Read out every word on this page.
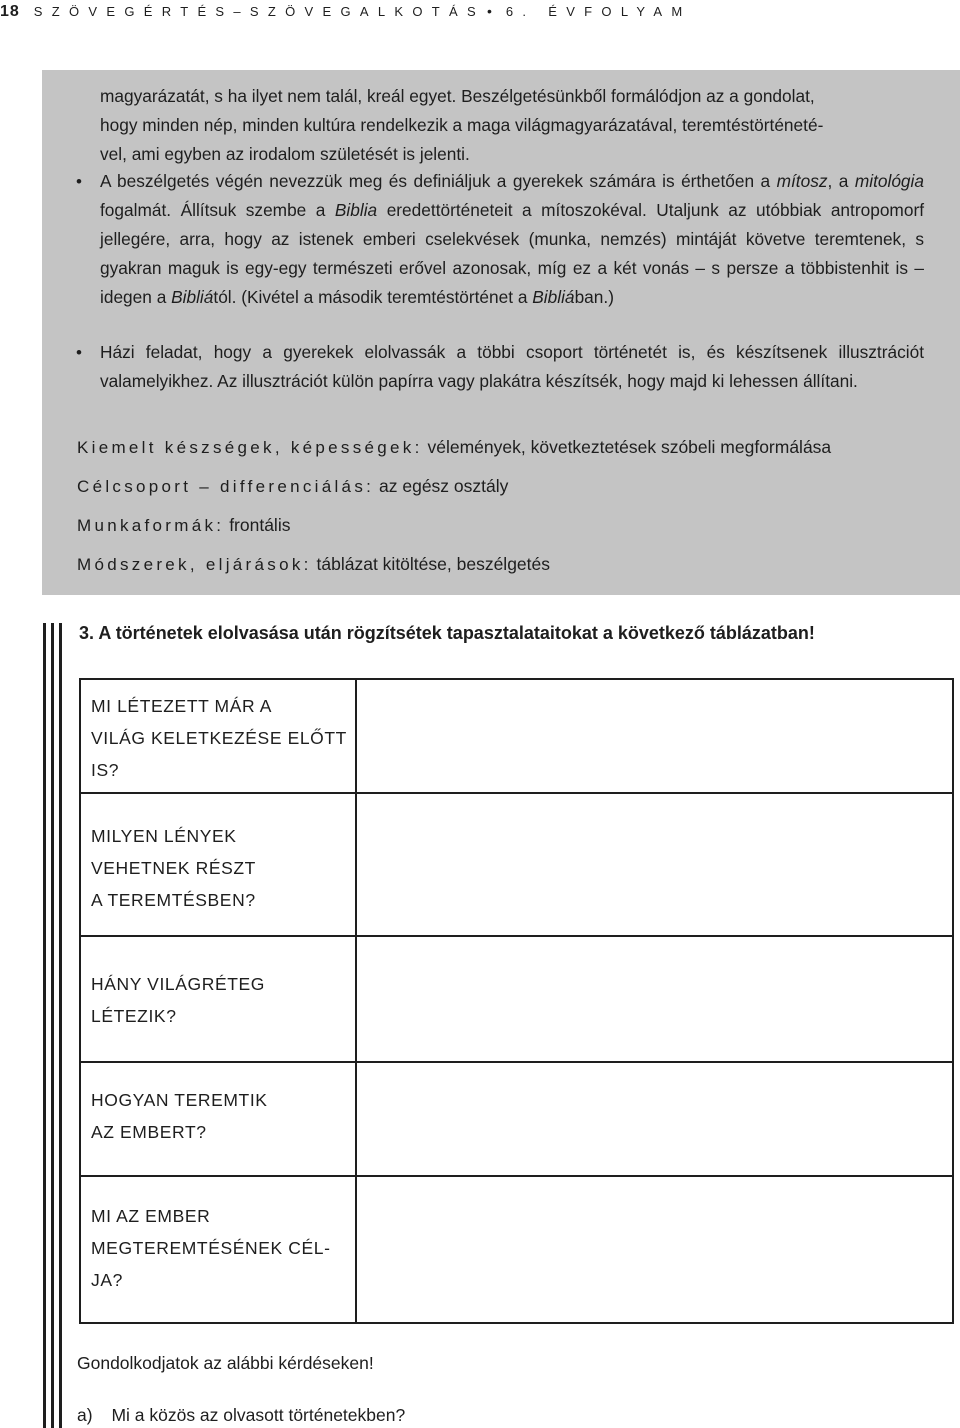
18 SZÖVEGÉRTÉS–SZÖVEGALKOTÁS • 6. ÉVFOLYAM

magyarázatát, s ha ilyet nem talál, kreál egyet. Beszélgetésünkből formálódjon az a gondolat,

hogy minden nép, minden kultúra rendelkezik a maga világmagyarázatával, teremtéstörténeté-

vel, ami egyben az irodalom születését is jelenti.

• A beszélgetés végén nevezzük meg és definiáljuk a gyerekek számára is érthetően a mítosz, a mitológia fogalmát. Állítsuk szembe a Biblia eredettörténeteit a mítoszokéval. Utaljunk az utóbbiak antropomorf jellegére, arra, hogy az istenek emberi cselekvések (munka, nemzés) mintáját követve teremtenek, s gyakran maguk is egy-egy természeti erővel azonosak, míg ez a két vonás – s persze a többistenhit is – idegen a Bibliától. (Kivétel a második teremtéstörténet a Bibliában.)

• Házi feladat, hogy a gyerekek elolvassák a többi csoport történetét is, és készítsenek illusztrációt valamelyikhez. Az illusztrációt külön papírra vagy plakátra készítsék, hogy majd ki lehessen állítani.

Kiemelt készségek, képességek: vélemények, következtetések szóbeli megformálása
Célcsoport – differenciálás: az egész osztály
Munkaformák: frontális
Módszerek, eljárások: táblázat kitöltése, beszélgetés
3. A történetek elolvasása után rögzítsétek tapasztalataitokat a következő táblázatban!
MI LÉTEZETT MÁR A
VILÁG KELETKEZÉSE ELŐTT
IS?
MILYEN LÉNYEK
VEHETNEK RÉSZT
A TEREMTÉSBEN?
HÁNY VILÁGRÉTEG
LÉTEZIK?
HOGYAN TEREMTIK
AZ EMBERT?
MI AZ EMBER
MEGTEREMTÉSÉNEK CÉL-
JA?
Gondolkodjatok az alábbi kérdéseken!
a) Mi a közös az olvasott történetekben?
